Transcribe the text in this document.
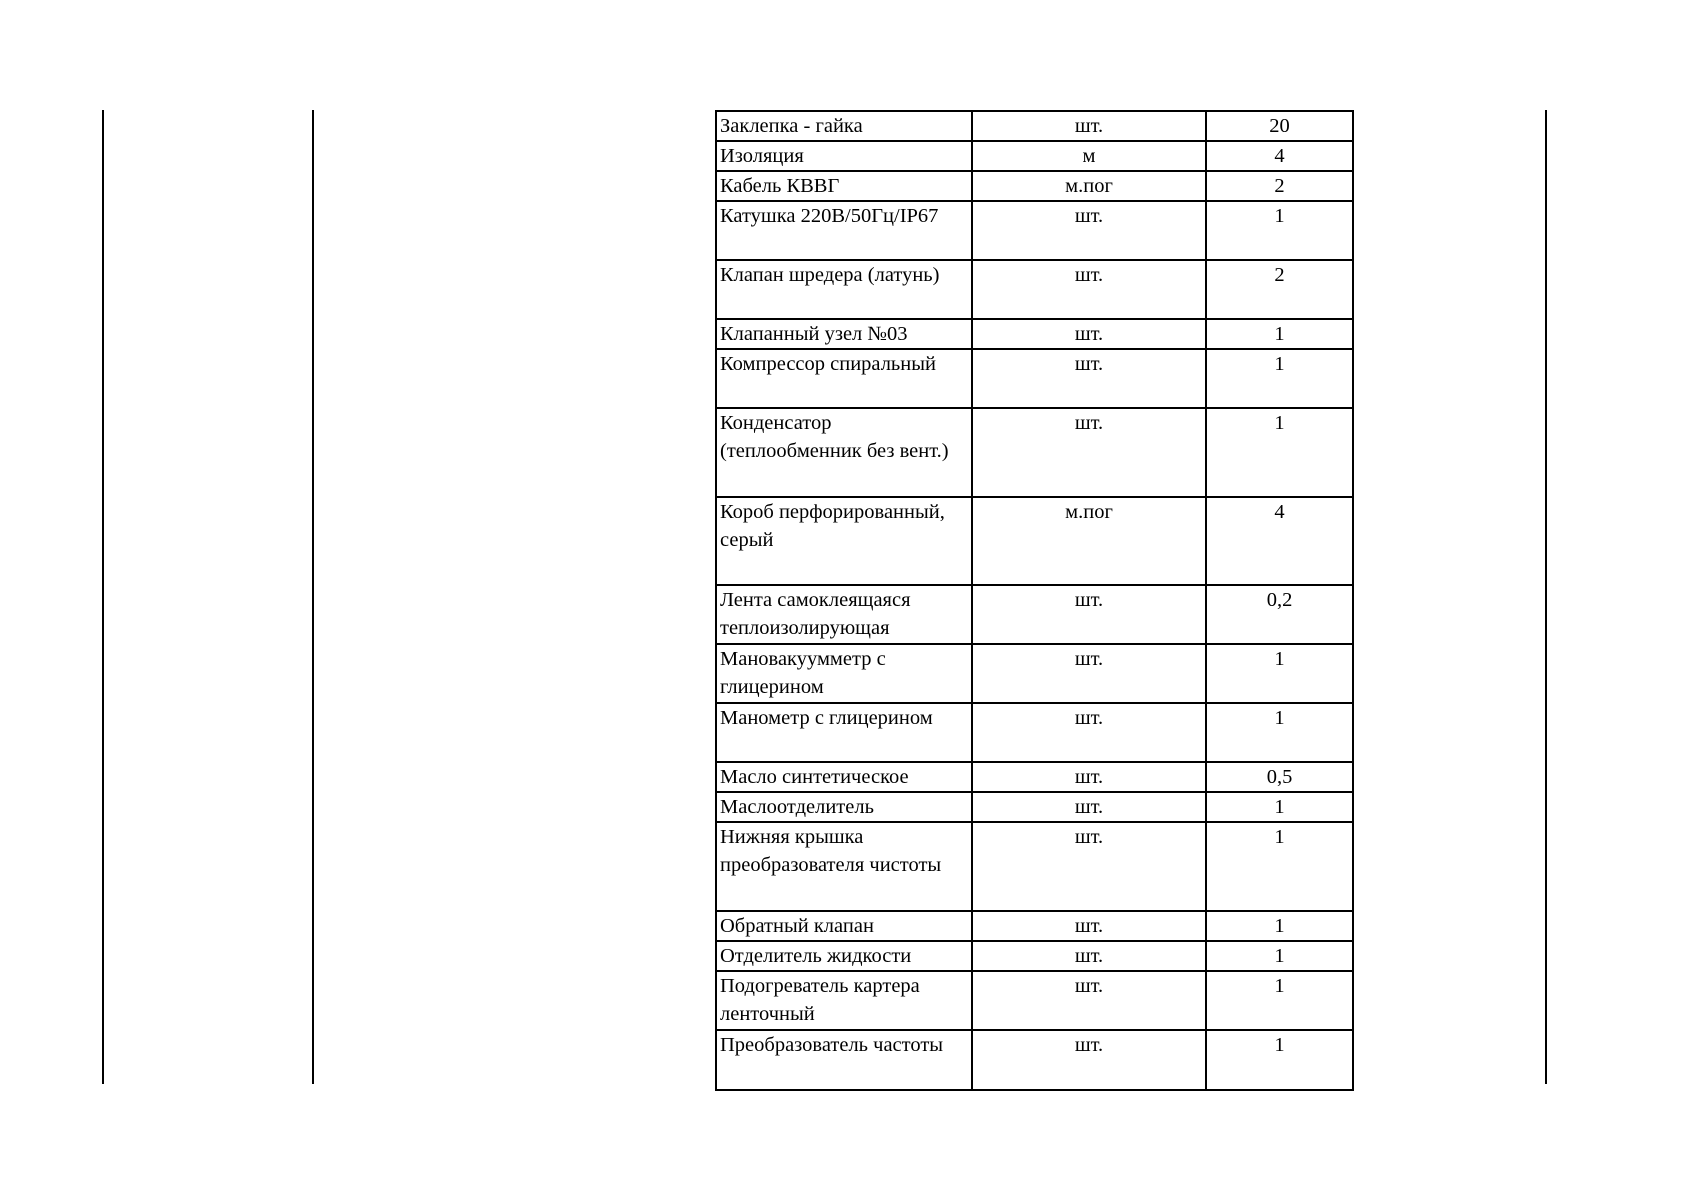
Заклепка - гайка	шт.	20
Изоляция	м	4
Кабель КВВГ	м.пог	2
Катушка 220В/50Гц/IP67	шт.	1
Клапан шредера (латунь)	шт.	2
Клапанный узел №03	шт.	1
Компрессор спиральный	шт.	1
Конденсатор (теплообменник без вент.)	шт.	1
Короб перфорированный, серый	м.пог	4
Лента самоклеящаяся теплоизолирующая	шт.	0,2
Мановакуумметр с глицерином	шт.	1
Манометр с глицерином	шт.	1
Масло синтетическое	шт.	0,5
Маслоотделитель	шт.	1
Нижняя крышка преобразователя чистоты	шт.	1
Обратный клапан	шт.	1
Отделитель жидкости	шт.	1
Подогреватель картера ленточный	шт.	1
Преобразователь частоты	шт.	1
